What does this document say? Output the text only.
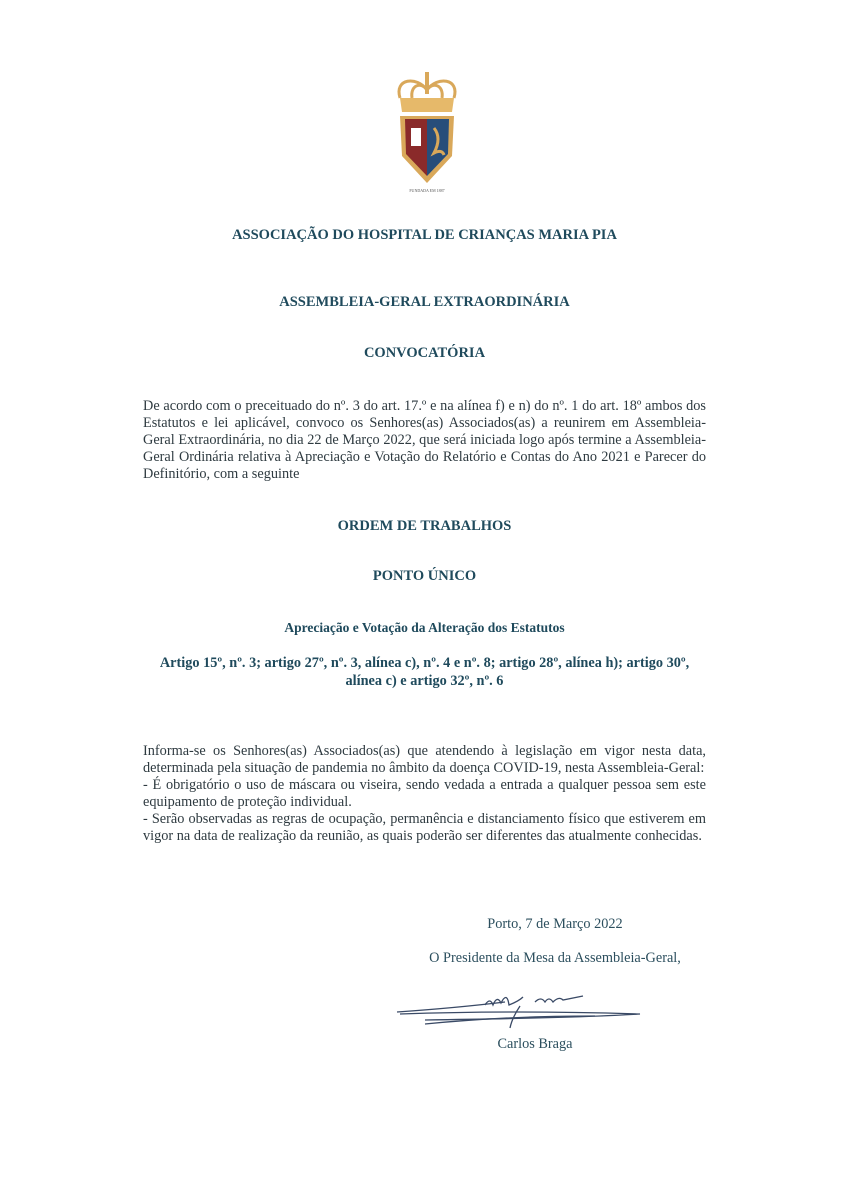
FUNDADA EM 1887
ASSOCIAÇÃO DO HOSPITAL DE CRIANÇAS MARIA PIA
ASSEMBLEIA-GERAL EXTRAORDINÁRIA
CONVOCATÓRIA
De acordo com o preceituado do nº. 3 do art. 17.º e na alínea f) e n) do nº. 1 do art. 18º ambos dos Estatutos e lei aplicável, convoco os Senhores(as) Associados(as) a reunirem em Assembleia-Geral Extraordinária, no dia 22 de Março 2022, que será iniciada logo após termine a Assembleia-Geral Ordinária relativa à Apreciação e Votação do Relatório e Contas do Ano 2021 e Parecer do Definitório, com a seguinte
ORDEM DE TRABALHOS
PONTO ÚNICO
Apreciação e Votação da Alteração dos Estatutos
Artigo 15º, nº. 3; artigo 27º, nº. 3, alínea c), nº. 4 e nº. 8; artigo 28º, alínea h); artigo 30º,
alínea c) e artigo 32º, nº. 6
Informa-se os Senhores(as) Associados(as) que atendendo à legislação em vigor nesta data, determinada pela situação de pandemia no âmbito da doença COVID-19, nesta Assembleia-Geral:
- É obrigatório o uso de máscara ou viseira, sendo vedada a entrada a qualquer pessoa sem este equipamento de proteção individual.
- Serão observadas as regras de ocupação, permanência e distanciamento físico que estiverem em vigor na data de realização da reunião, as quais poderão ser diferentes das atualmente conhecidas.
Porto, 7 de Março 2022
O Presidente da Mesa da Assembleia-Geral,
Carlos Braga
